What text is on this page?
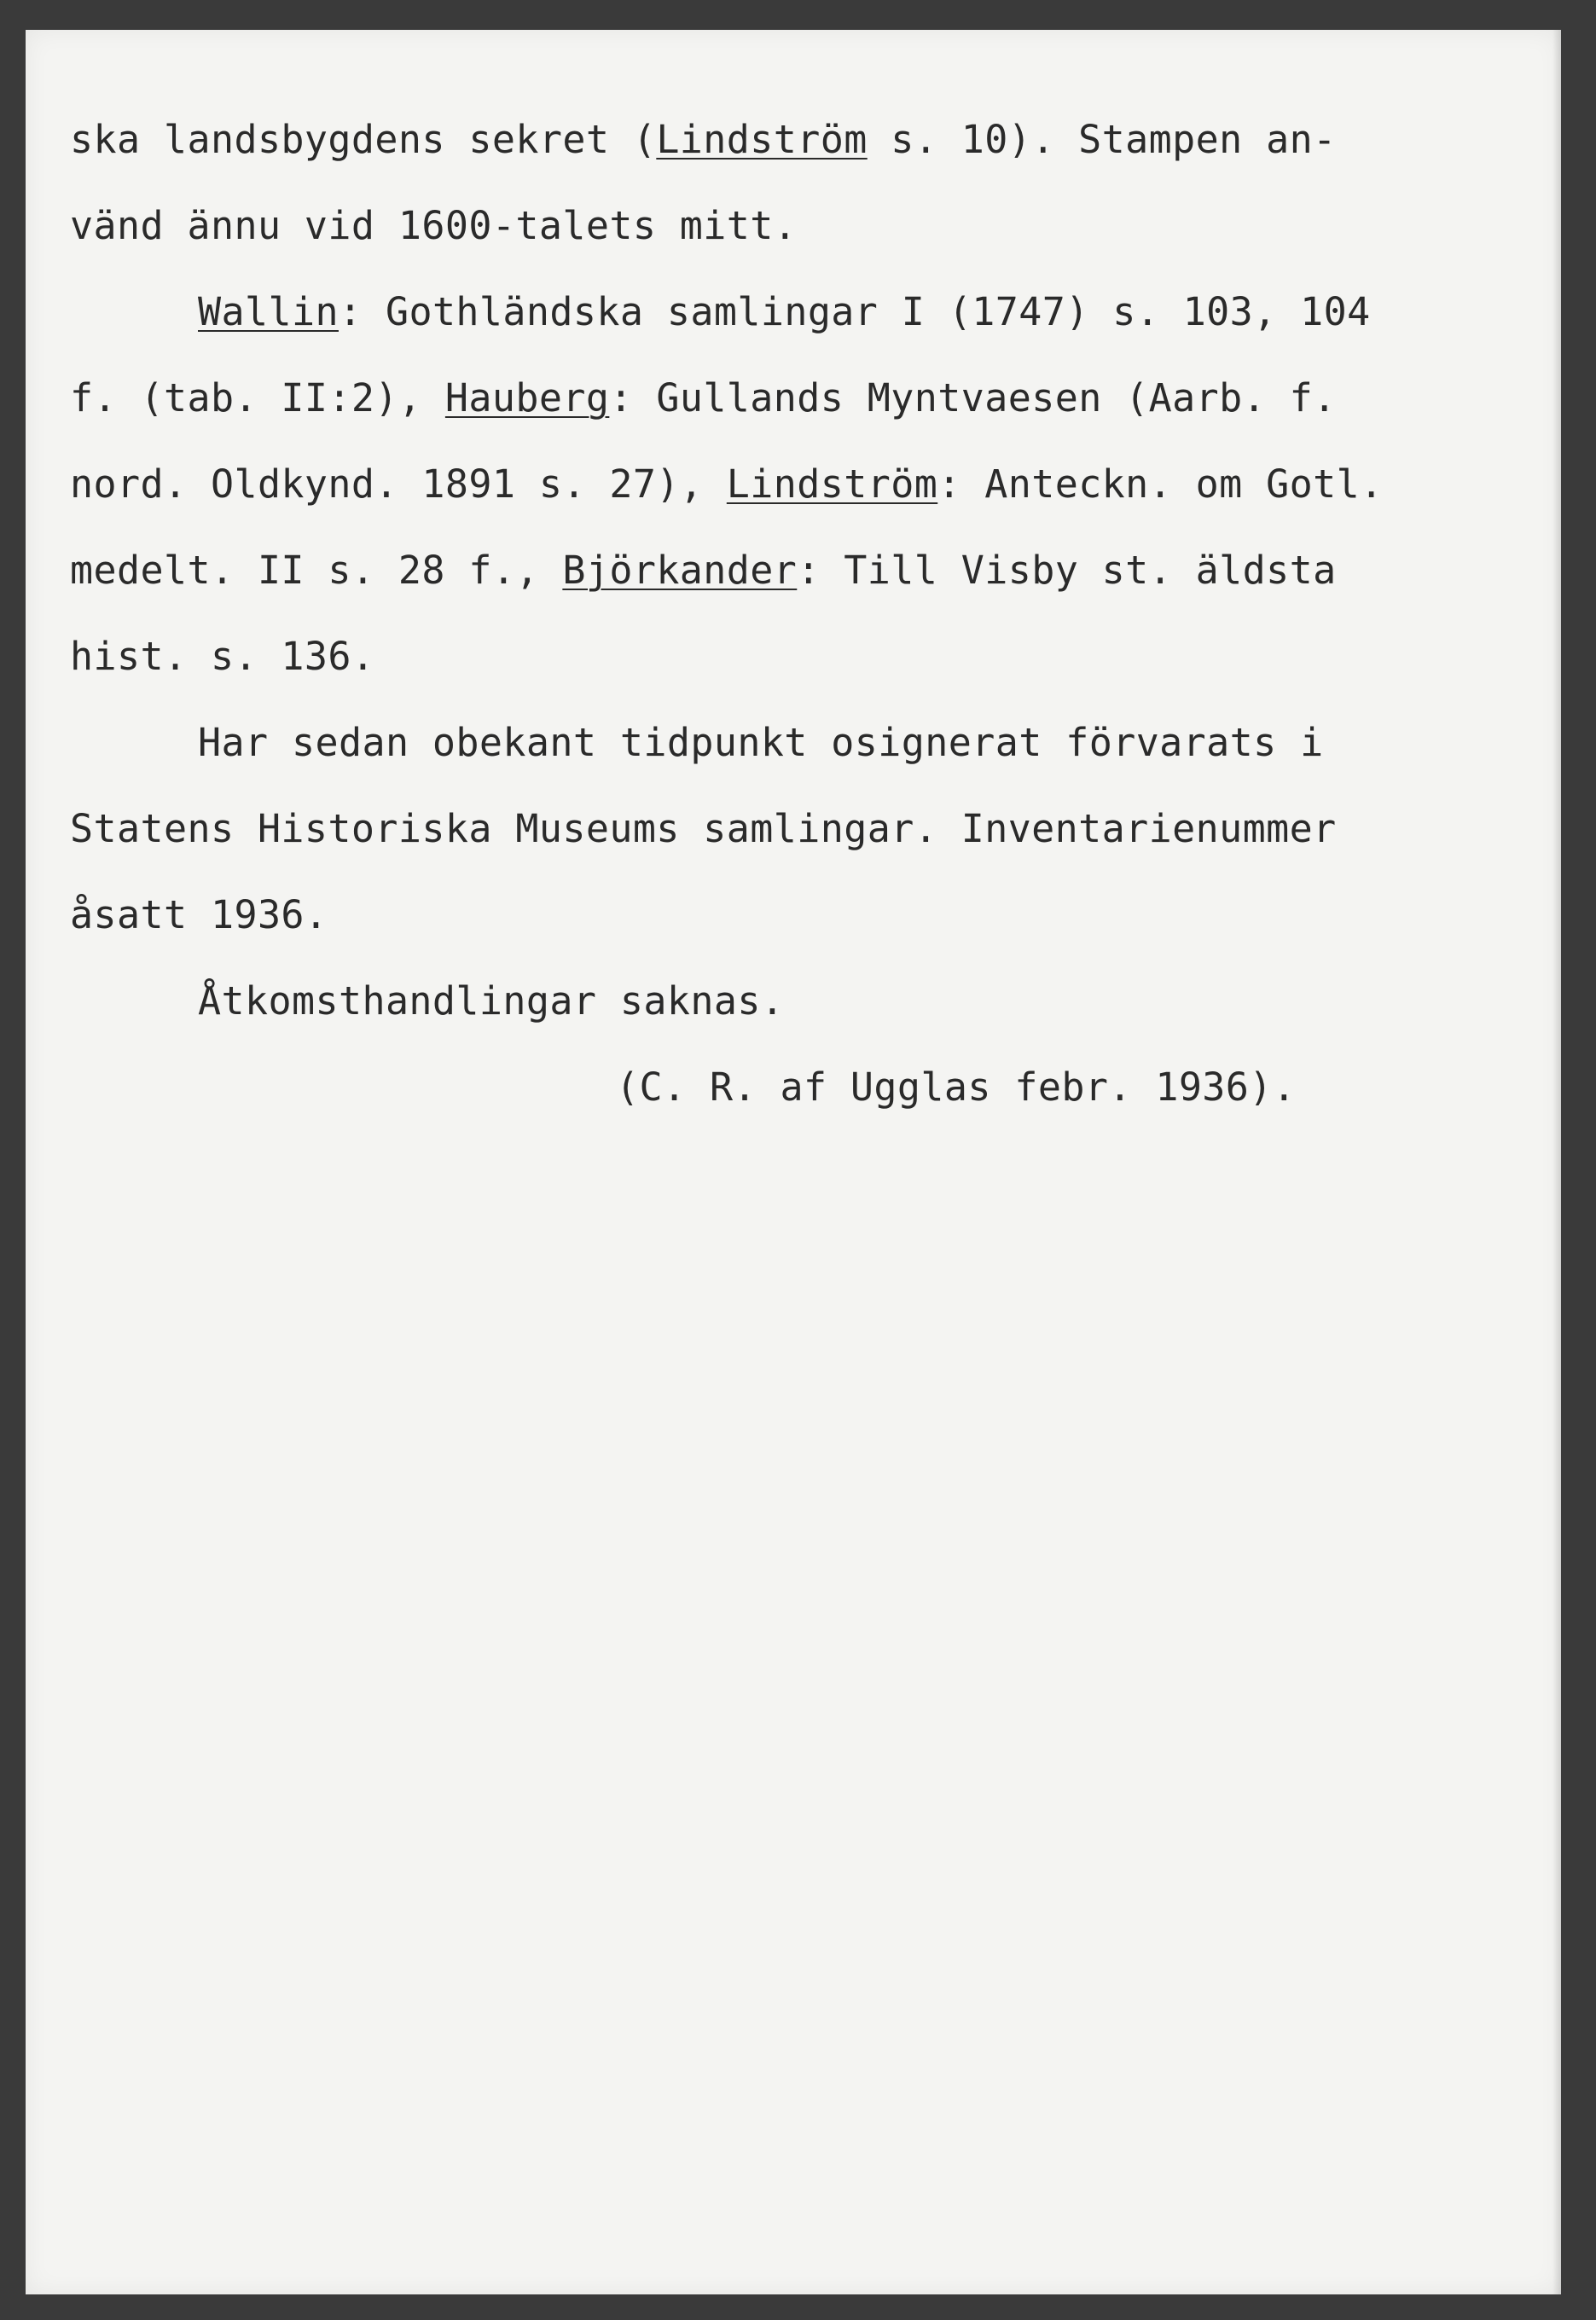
ska landsbygdens sekret (Lindström s. 10). Stampen an-
vänd ännu vid 1600-talets mitt.
Wallin: Gothländska samlingar I (1747) s. 103, 104
f. (tab. II:2), Hauberg: Gullands Myntvaesen (Aarb. f.
nord. Oldkynd. 1891 s. 27), Lindström: Anteckn. om Gotl.
medelt. II s. 28 f., Björkander: Till Visby st. äldsta
hist. s. 136.
Har sedan obekant tidpunkt osignerat förvarats i
Statens Historiska Museums samlingar. Inventarienummer
åsatt 1936.
Åtkomsthandlingar saknas.
(C. R. af Ugglas febr. 1936).
